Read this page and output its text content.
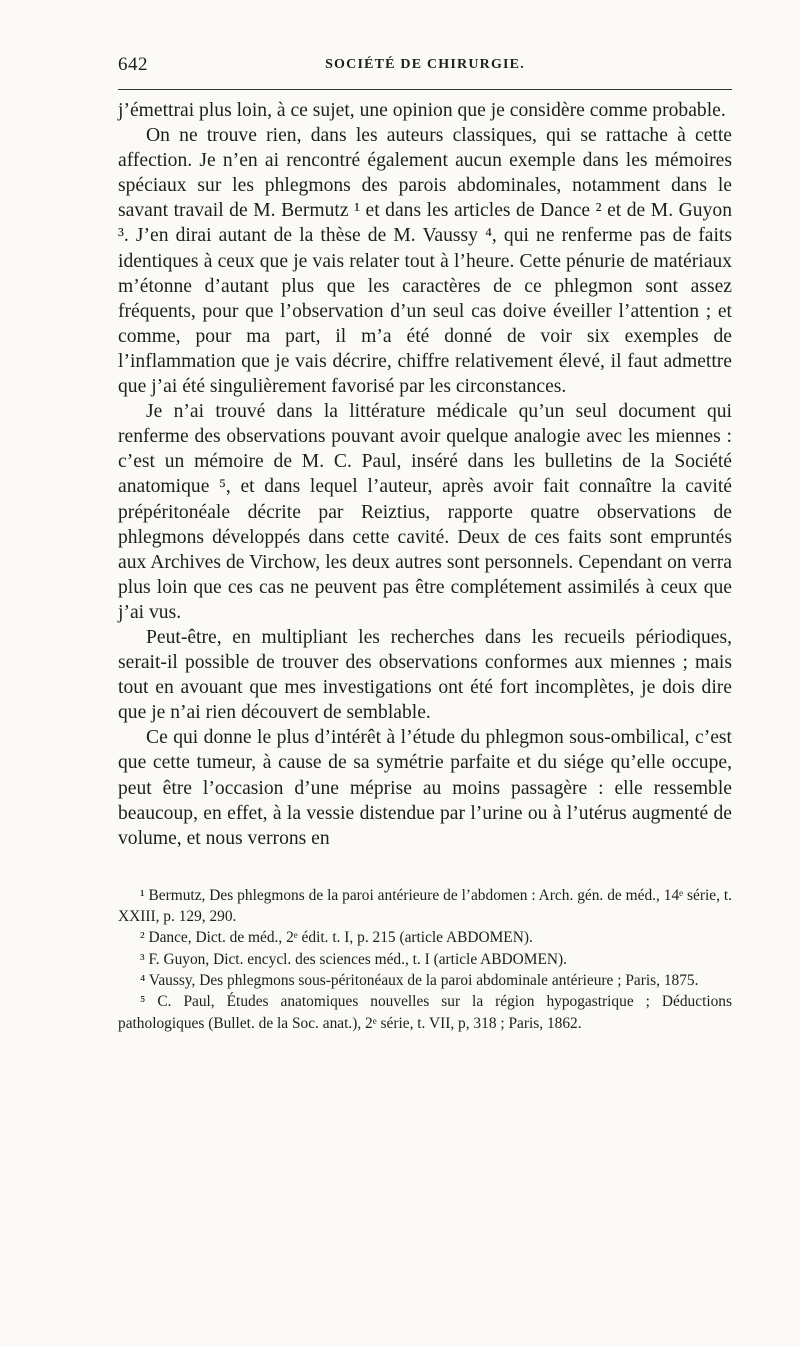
642	SOCIÉTÉ DE CHIRURGIE.

j’émettrai plus loin, à ce sujet, une opinion que je considère comme probable.

On ne trouve rien, dans les auteurs classiques, qui se rattache à cette affection. Je n’en ai rencontré également aucun exemple dans les mémoires spéciaux sur les phlegmons des parois abdominales, notamment dans le savant travail de M. Bermutz ¹ et dans les articles de Dance ² et de M. Guyon ³. J’en dirai autant de la thèse de M. Vaussy ⁴, qui ne renferme pas de faits identiques à ceux que je vais relater tout à l’heure. Cette pénurie de matériaux m’étonne d’autant plus que les caractères de ce phlegmon sont assez fréquents, pour que l’observation d’un seul cas doive éveiller l’attention ; et comme, pour ma part, il m’a été donné de voir six exemples de l’inflammation que je vais décrire, chiffre relativement élevé, il faut admettre que j’ai été singulièrement favorisé par les circonstances.

Je n’ai trouvé dans la littérature médicale qu’un seul document qui renferme des observations pouvant avoir quelque analogie avec les miennes : c’est un mémoire de M. C. Paul, inséré dans les bulletins de la Société anatomique ⁵, et dans lequel l’auteur, après avoir fait connaître la cavité prépéritonéale décrite par Reiztius, rapporte quatre observations de phlegmons développés dans cette cavité. Deux de ces faits sont empruntés aux Archives de Virchow, les deux autres sont personnels. Cependant on verra plus loin que ces cas ne peuvent pas être complétement assimilés à ceux que j’ai vus.

Peut-être, en multipliant les recherches dans les recueils périodiques, serait-il possible de trouver des observations conformes aux miennes ; mais tout en avouant que mes investigations ont été fort incomplètes, je dois dire que je n’ai rien découvert de semblable.

Ce qui donne le plus d’intérêt à l’étude du phlegmon sous-ombilical, c’est que cette tumeur, à cause de sa symétrie parfaite et du siége qu’elle occupe, peut être l’occasion d’une méprise au moins passagère : elle ressemble beaucoup, en effet, à la vessie distendue par l’urine ou à l’utérus augmenté de volume, et nous verrons en

¹ Bermutz, Des phlegmons de la paroi antérieure de l’abdomen : Arch. gén. de méd., 14ᵉ série, t. XXIII, p. 129, 290.

² Dance, Dict. de méd., 2ᵉ édit. t. I, p. 215 (article ABDOMEN).

³ F. Guyon, Dict. encycl. des sciences méd., t. I (article ABDOMEN).

⁴ Vaussy, Des phlegmons sous-péritonéaux de la paroi abdominale antérieure ; Paris, 1875.

⁵ C. Paul, Études anatomiques nouvelles sur la région hypogastrique ; Déductions pathologiques (Bullet. de la Soc. anat.), 2ᵉ série, t. VII, p, 318 ; Paris, 1862.
